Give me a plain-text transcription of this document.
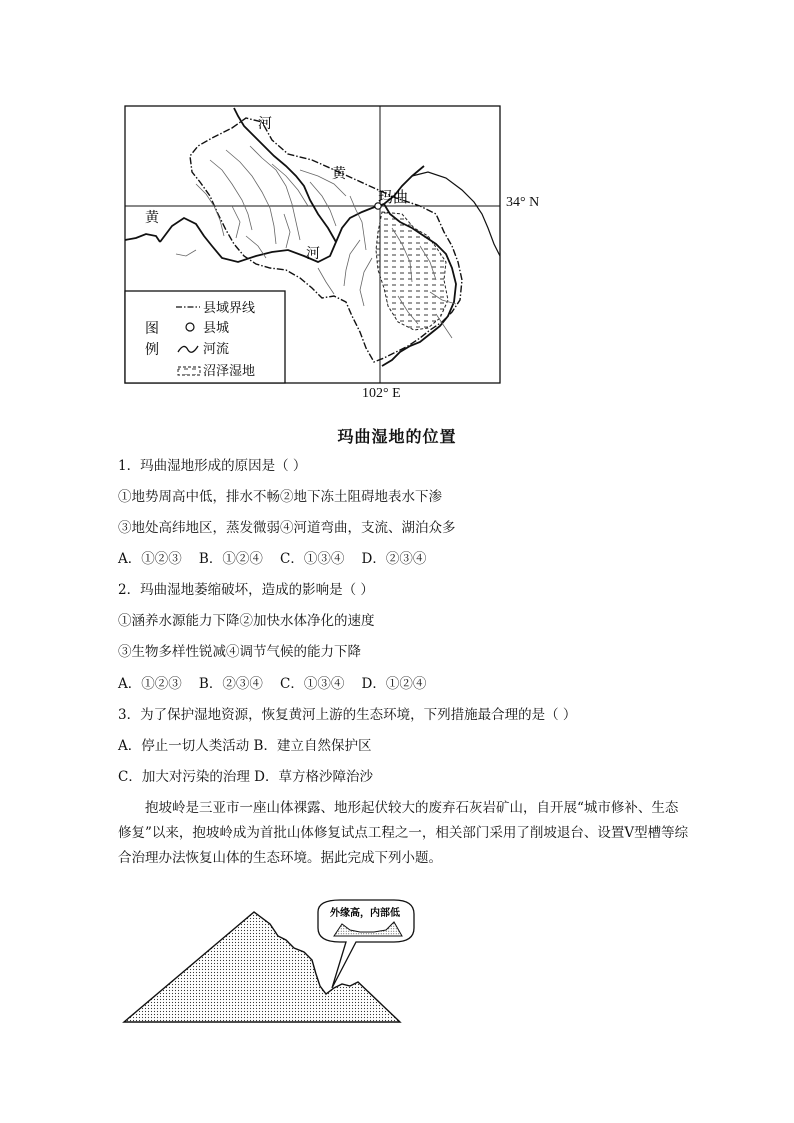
河
黄
玛曲
黄
河
图
例
县域界线
县城
河流
沼泽湿地
34° N
102° E
玛曲湿地的位置
1．玛曲湿地形成的原因是（ ）
①地势周高中低，排水不畅②地下冻土阻碍地表水下渗
③地处高纬地区，蒸发微弱④河道弯曲，支流、湖泊众多
A．①②③    B．①②④    C．①③④    D．②③④
2．玛曲湿地萎缩破坏，造成的影响是（ ）
①涵养水源能力下降②加快水体净化的速度
③生物多样性锐减④调节气候的能力下降
A．①②③    B．②③④    C．①③④    D．①②④
3．为了保护湿地资源，恢复黄河上游的生态环境，下列措施最合理的是（ ）
A．停止一切人类活动 B．建立自然保护区
C．加大对污染的治理 D．草方格沙障治沙
抱坡岭是三亚市一座山体裸露、地形起伏较大的废弃石灰岩矿山，自开展“城市修补、生态修复”以来，抱坡岭成为首批山体修复试点工程之一，相关部门采用了削坡退台、设置V型槽等综合治理办法恢复山体的生态环境。据此完成下列小题。
外缘高，内部低
